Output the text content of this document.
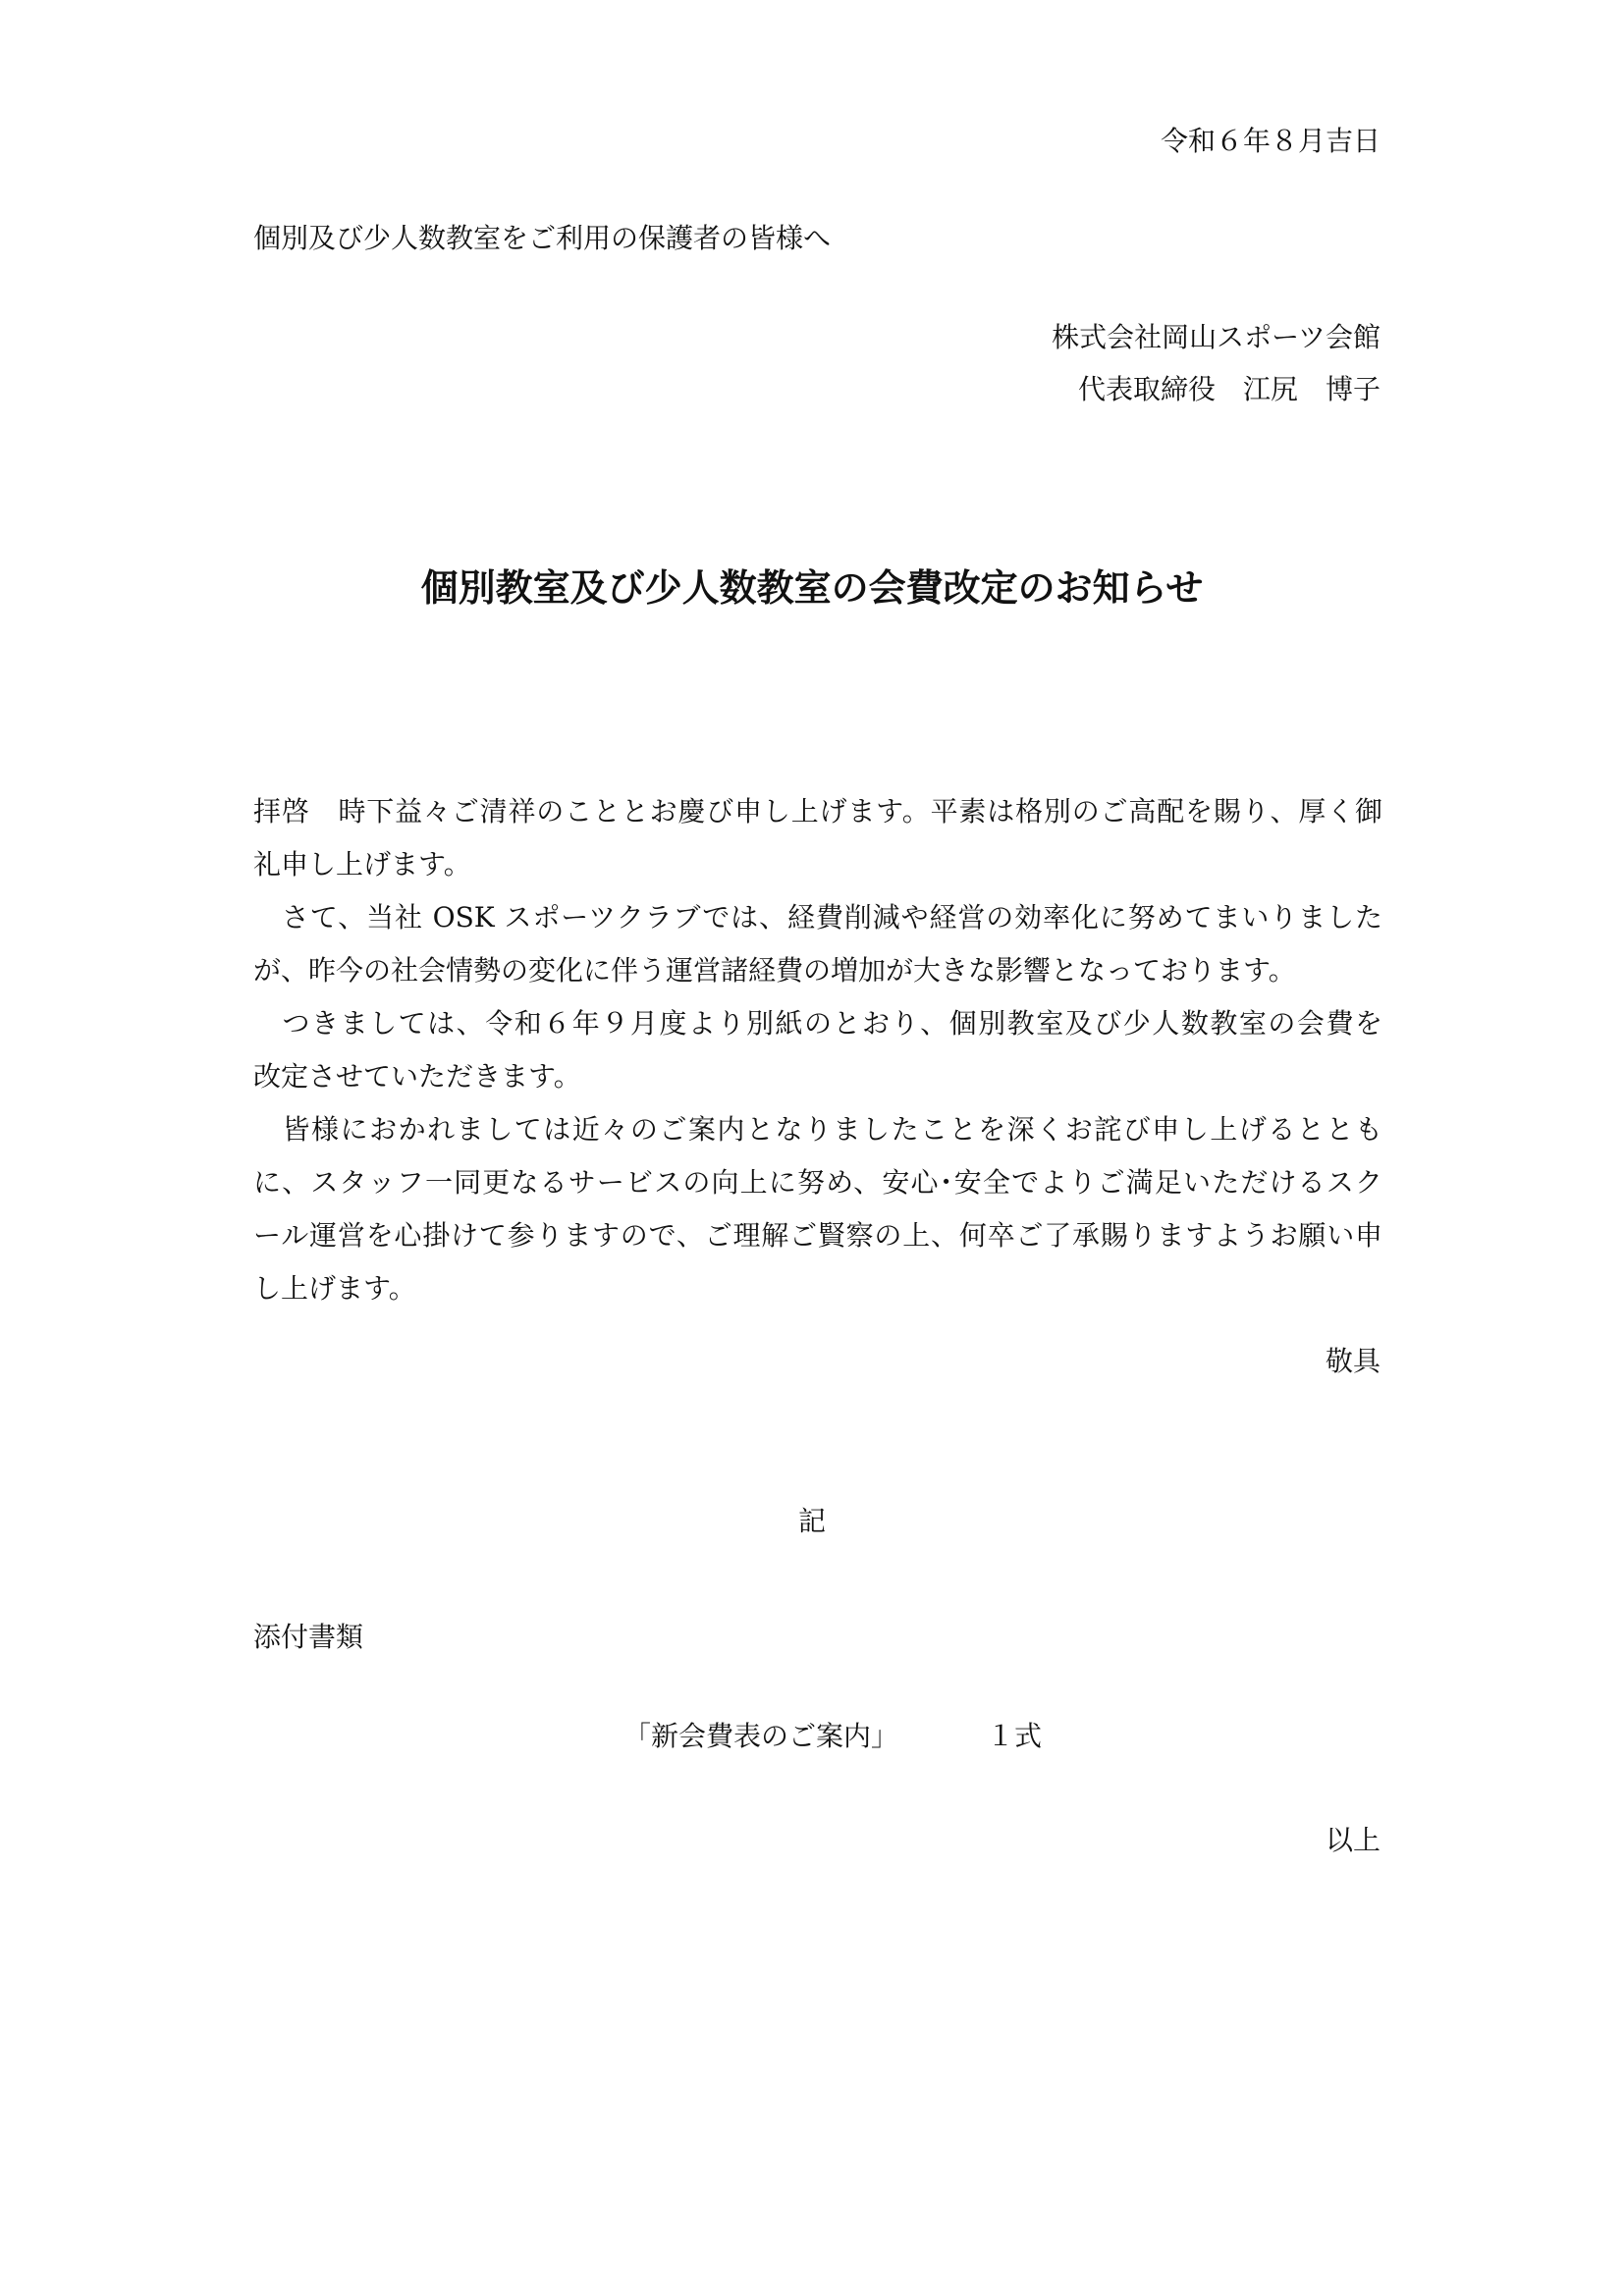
令和６年８月吉日
個別及び少人数教室をご利用の保護者の皆様へ
株式会社岡山スポーツ会館
代表取締役　江尻　博子
個別教室及び少人数教室の会費改定のお知らせ
拝啓　時下益々ご清祥のこととお慶び申し上げます。平素は格別のご高配を賜り、厚く御
礼申し上げます。
　さて、当社 OSK スポーツクラブでは、経費削減や経営の効率化に努めてまいりました
が、昨今の社会情勢の変化に伴う運営諸経費の増加が大きな影響となっております。
　つきましては、令和６年９月度より別紙のとおり、個別教室及び少人数教室の会費を
改定させていただきます。
　皆様におかれましては近々のご案内となりましたことを深くお詫び申し上げるととも
に、スタッフ一同更なるサービスの向上に努め、安心･安全でよりご満足いただけるスク
ール運営を心掛けて参りますので、ご理解ご賢察の上、何卒ご了承賜りますようお願い申
し上げます。
敬具
記
添付書類
「新会費表のご案内」	１式
以上
